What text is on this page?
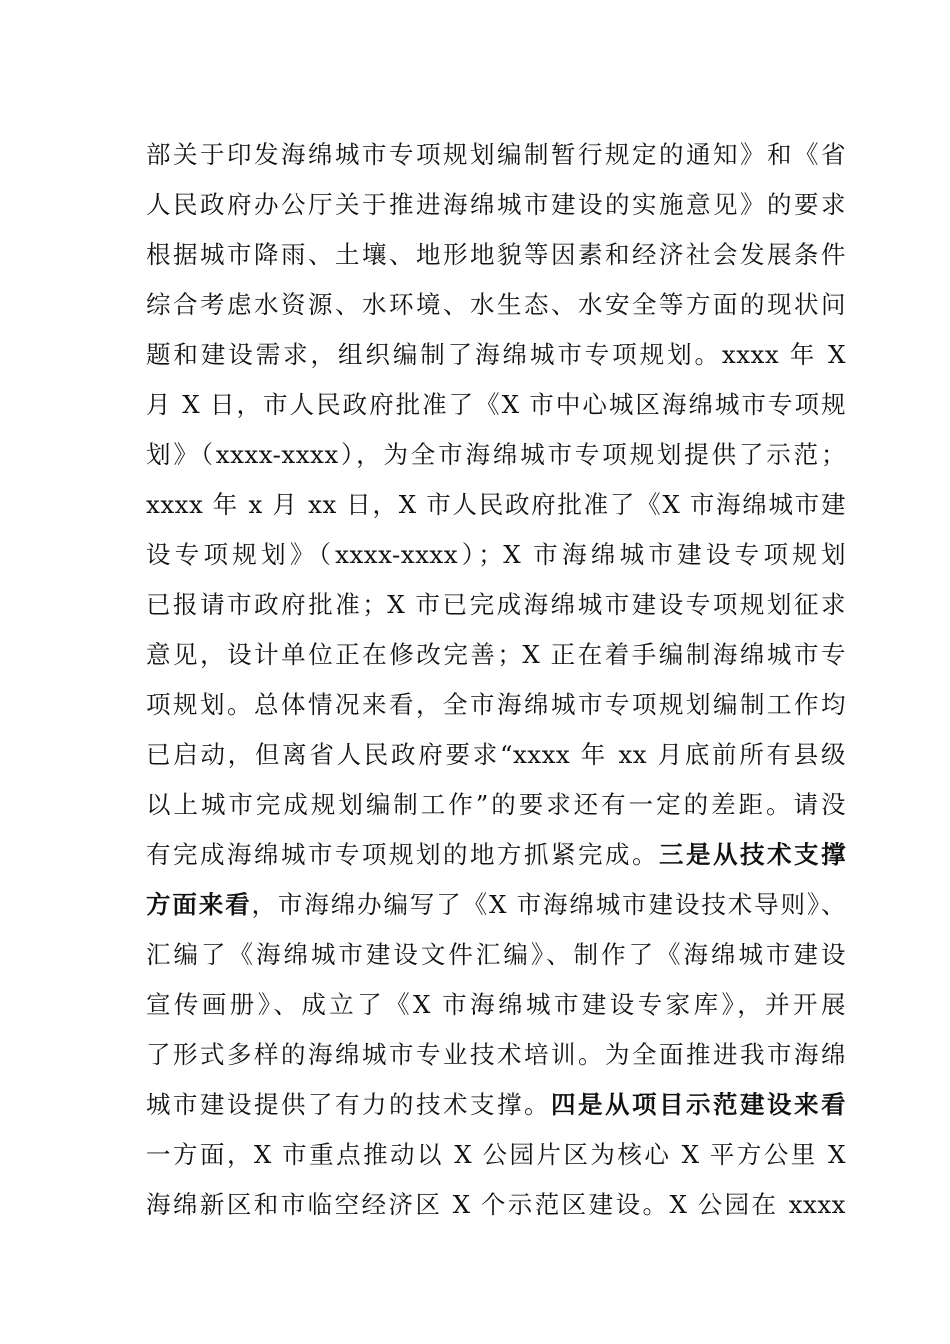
部关于印发海绵城市专项规划编制暂行规定的通知》和《省
人民政府办公厅关于推进海绵城市建设的实施意见》的要求
根据城市降雨、土壤、地形地貌等因素和经济社会发展条件
综合考虑水资源、水环境、水生态、水安全等方面的现状问
题和建设需求，组织编制了海绵城市专项规划。xxxx 年 X
月 X 日，市人民政府批准了《X 市中心城区海绵城市专项规
划》（xxxx-xxxx），为全市海绵城市专项规划提供了示范；
xxxx 年 x 月 xx 日，X 市人民政府批准了《X 市海绵城市建
设专项规划》（xxxx-xxxx）；X 市海绵城市建设专项规划
已报请市政府批准；X 市已完成海绵城市建设专项规划征求
意见，设计单位正在修改完善；X 正在着手编制海绵城市专
项规划。总体情况来看，全市海绵城市专项规划编制工作均
已启动，但离省人民政府要求“xxxx 年 xx 月底前所有县级
以上城市完成规划编制工作”的要求还有一定的差距。请没
有完成海绵城市专项规划的地方抓紧完成。三是从技术支撑
方面来看，市海绵办编写了《X 市海绵城市建设技术导则》、
汇编了《海绵城市建设文件汇编》、制作了《海绵城市建设
宣传画册》、成立了《X 市海绵城市建设专家库》，并开展
了形式多样的海绵城市专业技术培训。为全面推进我市海绵
城市建设提供了有力的技术支撑。四是从项目示范建设来看
一方面，X 市重点推动以 X 公园片区为核心 X 平方公里 X
海绵新区和市临空经济区 X 个示范区建设。X 公园在 xxxx
